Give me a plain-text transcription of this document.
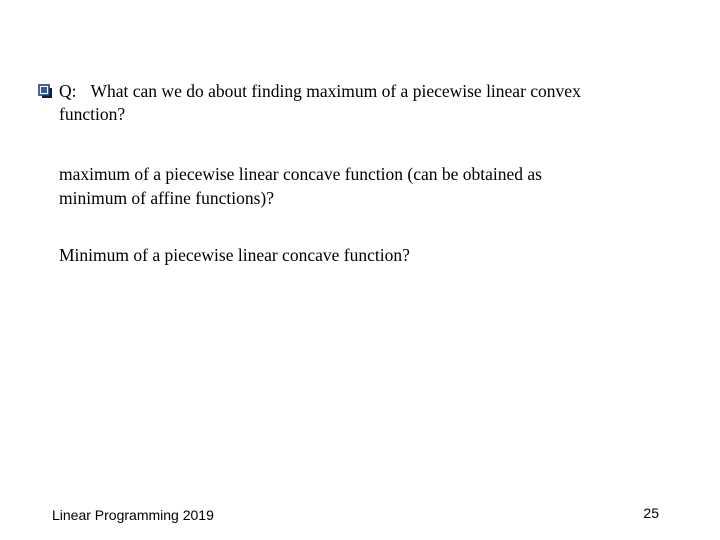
Q: What can we do about finding maximum of a piecewise linear convex
function?
maximum of a piecewise linear concave function (can be obtained as
minimum of affine functions)?
Minimum of a piecewise linear concave function?
Linear Programming 2019	25
